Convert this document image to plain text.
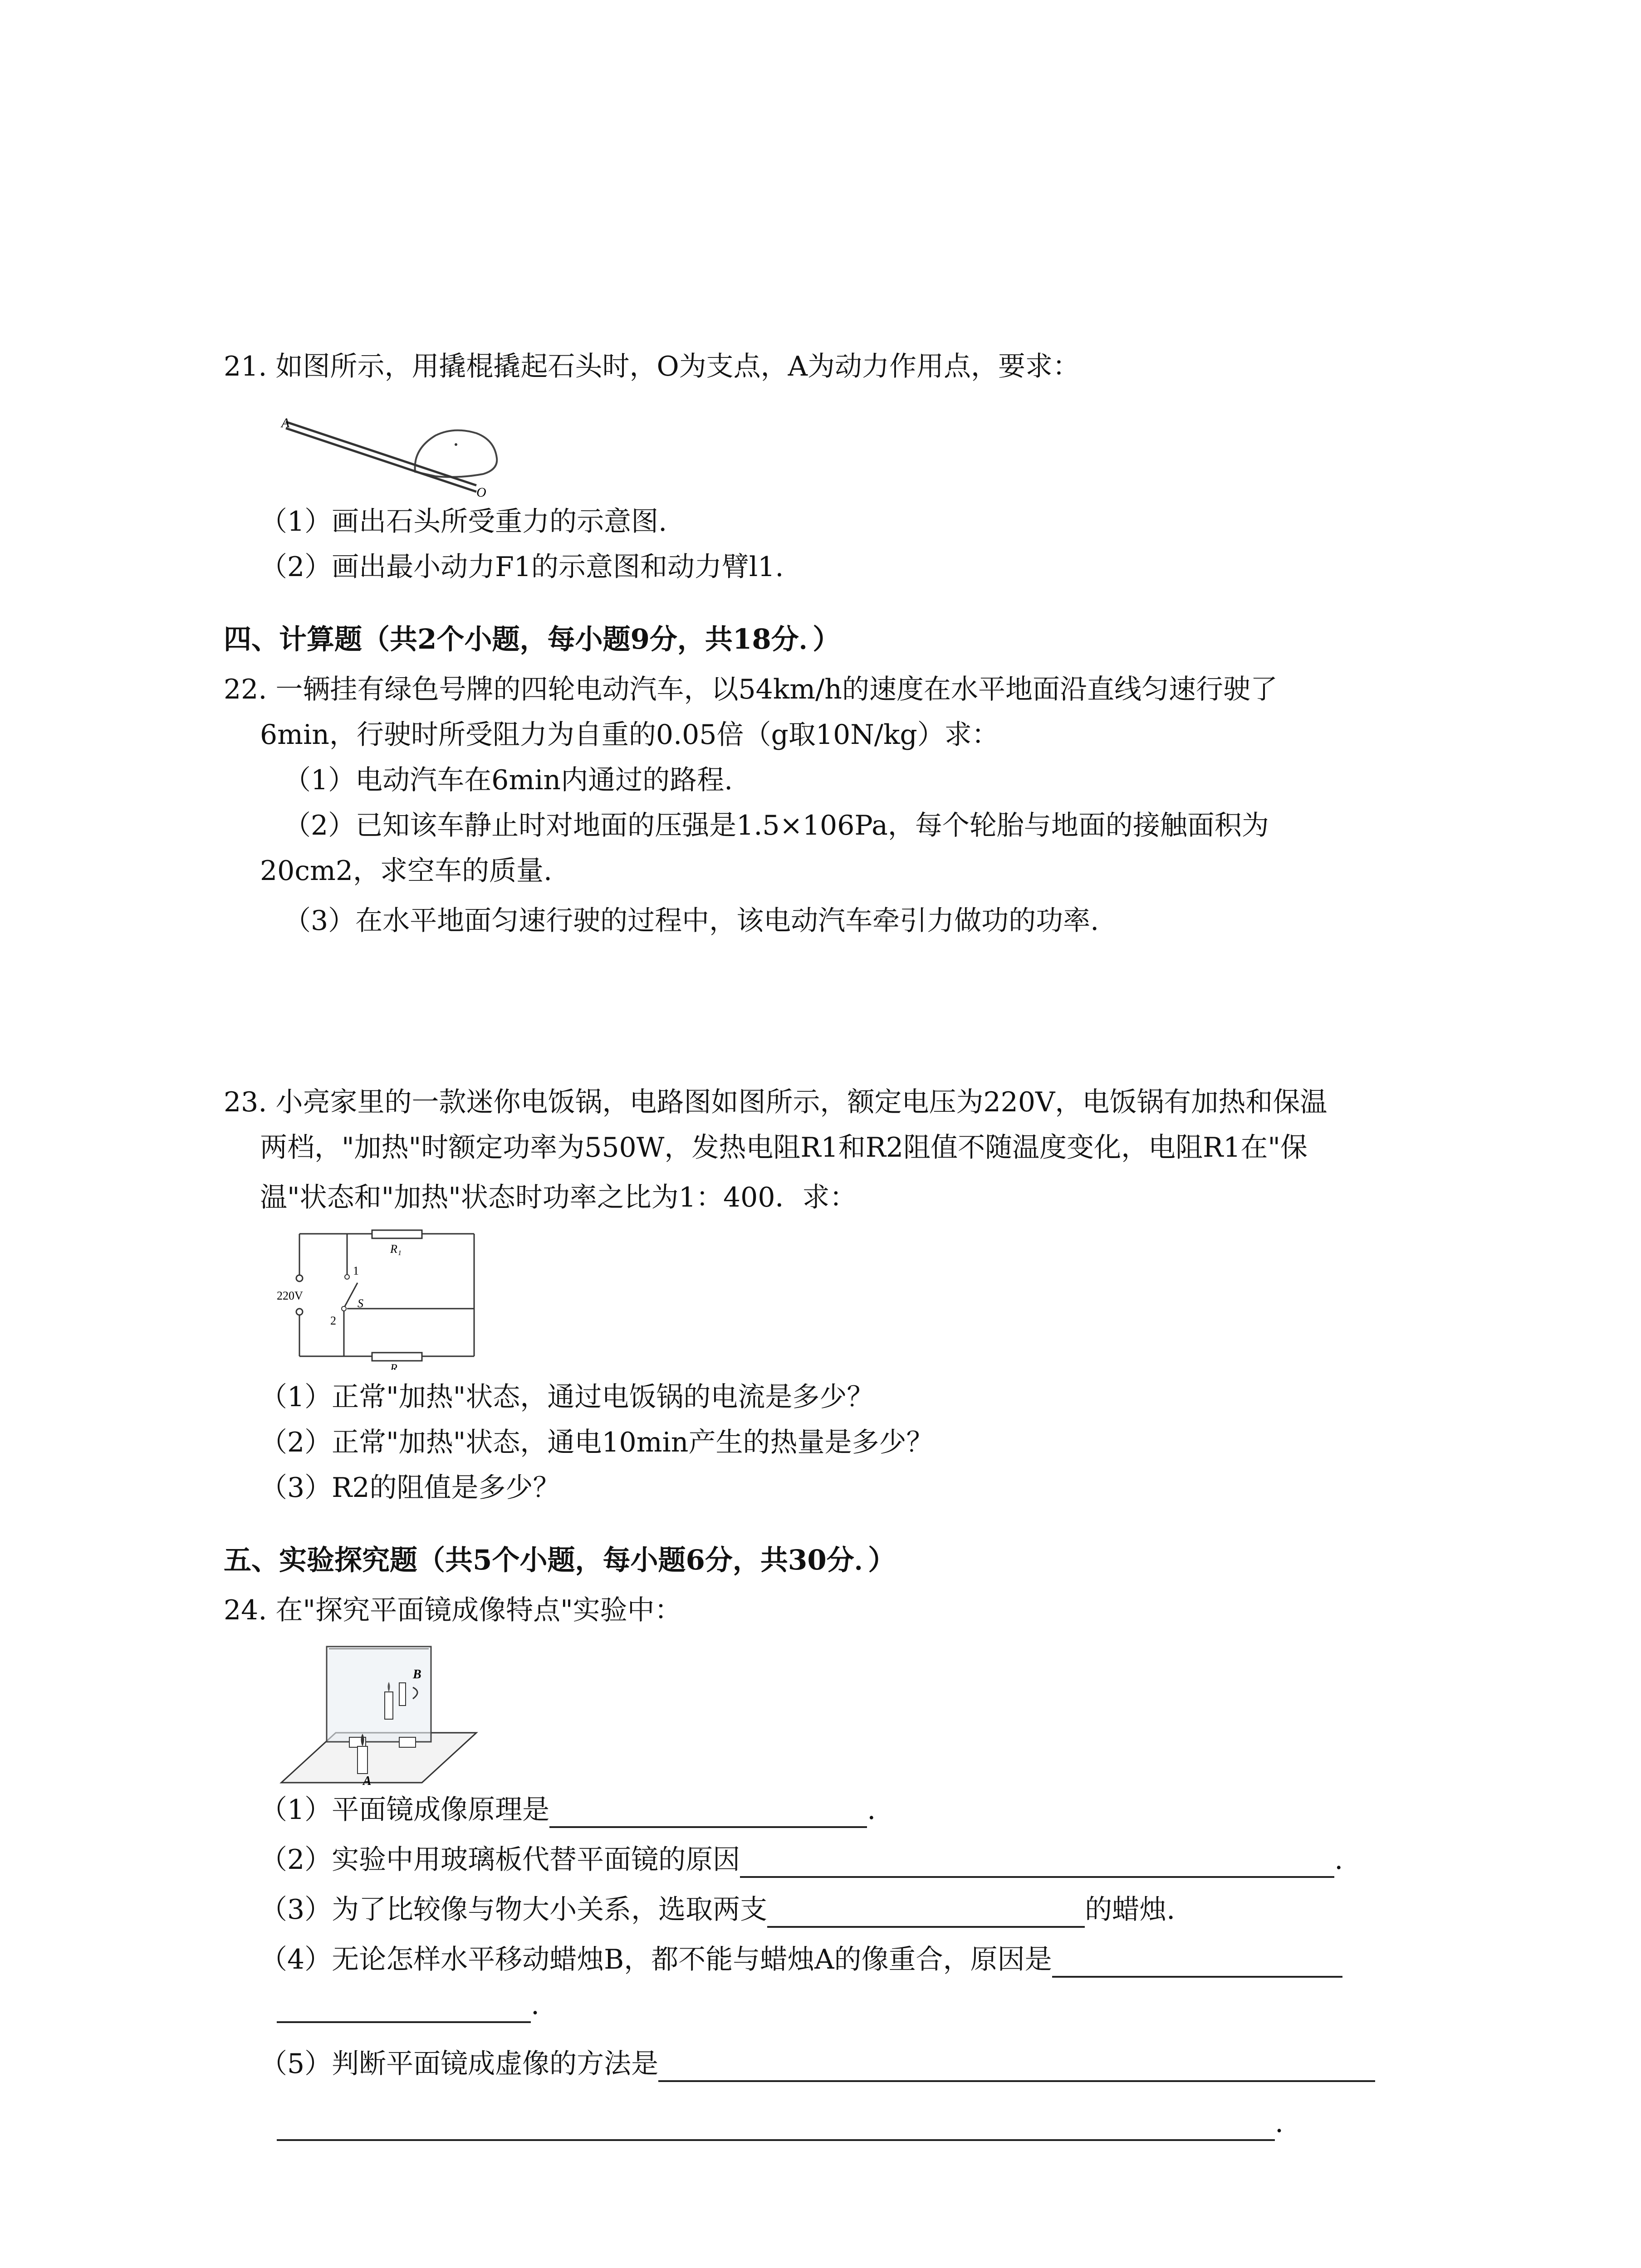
21. 如图所示，用撬棍撬起石头时，O为支点，A为动力作用点，要求：
A
O
（1）画出石头所受重力的示意图.
（2）画出最小动力F1的示意图和动力臂l1.
四、计算题（共2个小题，每小题9分，共18分．）
22. 一辆挂有绿色号牌的四轮电动汽车，以54km/h的速度在水平地面沿直线匀速行驶了
6min，行驶时所受阻力为自重的0.05倍（g取10N/kg）求：
（1）电动汽车在6min内通过的路程.
（2）已知该车静止时对地面的压强是1.5×106Pa，每个轮胎与地面的接触面积为
20cm2，求空车的质量.
（3）在水平地面匀速行驶的过程中，该电动汽车牵引力做功的功率.
23. 小亮家里的一款迷你电饭锅，电路图如图所示，额定电压为220V，电饭锅有加热和保温
两档，"加热"时额定功率为550W，发热电阻R1和R2阻值不随温度变化，电阻R1在"保
温"状态和"加热"状态时功率之比为1：400．求：
R₁
R₂
220V
1
2
S
（1）正常"加热"状态，通过电饭锅的电流是多少？
（2）正常"加热"状态，通电10min产生的热量是多少？
（3）R2的阻值是多少？
五、实验探究题（共5个小题，每小题6分，共30分．）
24. 在"探究平面镜成像特点"实验中：
A
B
（1）平面镜成像原理是	.
（2）实验中用玻璃板代替平面镜的原因	.
（3）为了比较像与物大小关系，选取两支	的蜡烛.
（4）无论怎样水平移动蜡烛B，都不能与蜡烛A的像重合，原因是
.
（5）判断平面镜成虚像的方法是
.
